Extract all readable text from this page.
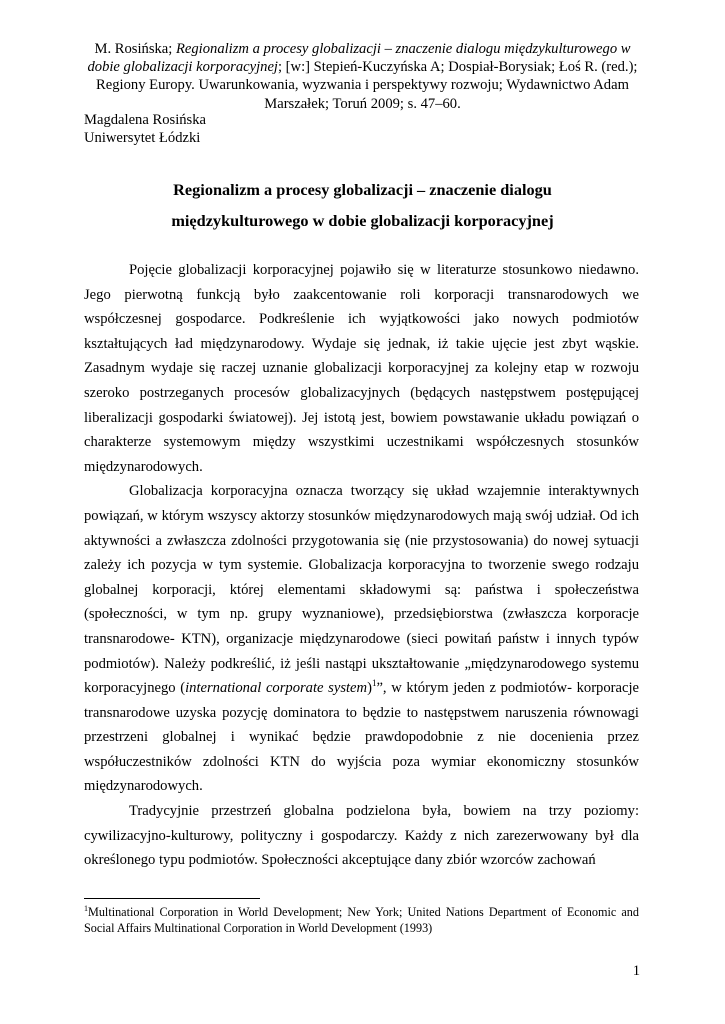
M. Rosińska; Regionalizm a procesy globalizacji – znaczenie dialogu międzykulturowego w dobie globalizacji korporacyjnej; [w:] Stepień-Kuczyńska A; Dospiał-Borysiak; Łoś R. (red.); Regiony Europy. Uwarunkowania, wyzwania i perspektywy rozwoju; Wydawnictwo Adam Marszałek; Toruń 2009; s. 47–60.
Magdalena Rosińska
Uniwersytet Łódzki
Regionalizm a procesy globalizacji – znaczenie dialogu
międzykulturowego w dobie globalizacji korporacyjnej

Pojęcie globalizacji korporacyjnej pojawiło się w literaturze stosunkowo niedawno. Jego pierwotną funkcją było zaakcentowanie roli korporacji transnarodowych we współczesnej gospodarce. Podkreślenie ich wyjątkowości jako nowych podmiotów kształtujących ład międzynarodowy. Wydaje się jednak, iż takie ujęcie jest zbyt wąskie. Zasadnym wydaje się raczej uznanie globalizacji korporacyjnej za kolejny etap w rozwoju szeroko postrzeganych procesów globalizacyjnych (będących następstwem postępującej liberalizacji gospodarki światowej). Jej istotą jest, bowiem powstawanie układu powiązań o charakterze systemowym między wszystkimi uczestnikami współczesnych stosunków międzynarodowych.

Globalizacja korporacyjna oznacza tworzący się układ wzajemnie interaktywnych powiązań, w którym wszyscy aktorzy stosunków międzynarodowych mają swój udział. Od ich aktywności a zwłaszcza zdolności przygotowania się (nie przystosowania) do nowej sytuacji zależy ich pozycja w tym systemie. Globalizacja korporacyjna to tworzenie swego rodzaju globalnej korporacji, której elementami składowymi są: państwa i społeczeństwa (społeczności, w tym np. grupy wyznaniowe), przedsiębiorstwa (zwłaszcza korporacje transnarodowe- KTN), organizacje międzynarodowe (sieci powitań państw i innych typów podmiotów). Należy podkreślić, iż jeśli nastąpi ukształtowanie „międzynarodowego systemu korporacyjnego (international corporate system)$^1$”, w którym jeden z podmiotów- korporacje transnarodowe uzyska pozycję dominatora to będzie to następstwem naruszenia równowagi przestrzeni globalnej i wynikać będzie prawdopodobnie z nie docenienia przez współuczestników zdolności KTN do wyjścia poza wymiar ekonomiczny stosunków międzynarodowych.

Tradycyjnie przestrzeń globalna podzielona była, bowiem na trzy poziomy: cywilizacyjno-kulturowy, polityczny i gospodarczy. Każdy z nich zarezerwowany był dla określonego typu podmiotów. Społeczności akceptujące dany zbiór wzorców zachowań

$^1$Multinational Corporation in World Development; New York; United Nations Department of Economic and Social Affairs Multinational Corporation in World Development (1993)
1
